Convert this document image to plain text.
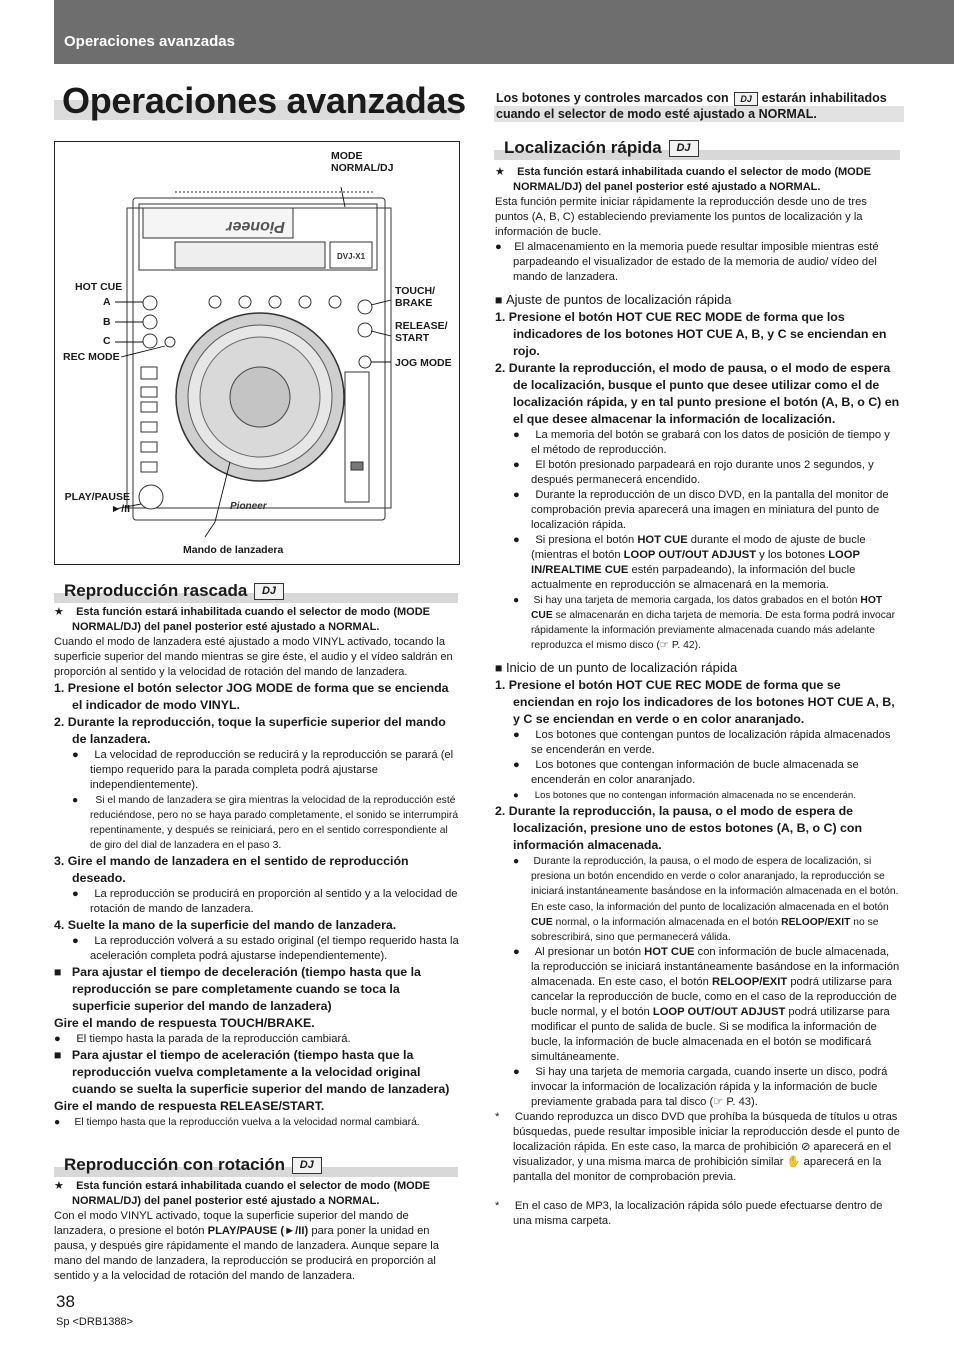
Operaciones avanzadas
Operaciones avanzadas Los botones y controles marcados con DJ estarán inhabilitados cuando el selector de modo esté ajustado a NORMAL.
Pioneer
DVJ-X1
Pioneer
MODE
NORMAL/DJ
HOT CUE
A
B
C
REC MODE
TOUCH/
BRAKE
RELEASE/
START
JOG MODE
PLAY/PAUSE
►/II
Mando de lanzadera
Reproducción rascada DJ

★    Esta función estará inhabilitada cuando el selector de modo (MODE NORMAL/DJ) del panel posterior esté ajustado a NORMAL.

Cuando el modo de lanzadera esté ajustado a modo VINYL activado, tocando la superficie superior del mando mientras se gire éste, el audio y el vídeo saldrán en proporción al sentido y la velocidad de rotación del mando de lanzadera.

1. Presione el botón selector JOG MODE de forma que se encienda el indicador de modo VINYL.

2. Durante la reproducción, toque la superficie superior del mando de lanzadera.

●     La velocidad de reproducción se reducirá y la reproducción se parará (el tiempo requerido para la parada completa podrá ajustarse independientemente).

●      Si el mando de lanzadera se gira mientras la velocidad de la reproducción esté reduciéndose, pero no se haya parado completamente, el sonido se interrumpirá repentinamente, y después se reiniciará, pero en el sentido correspondiente al de giro del dial de lanzadera en el paso 3.

3. Gire el mando de lanzadera en el sentido de reproducción deseado.

●     La reproducción se producirá en proporción al sentido y a la velocidad de rotación de mando de lanzadera.

4. Suelte la mano de la superficie del mando de lanzadera.

●     La reproducción volverá a su estado original (el tiempo requerido hasta la aceleración completa podrá ajustarse independientemente).

■   Para ajustar el tiempo de deceleración (tiempo hasta que la reproducción se pare completamente cuando se toca la superficie superior del mando de lanzadera)

Gire el mando de respuesta TOUCH/BRAKE.

●     El tiempo hasta la parada de la reproducción cambiará.

■   Para ajustar el tiempo de aceleración (tiempo hasta que la reproducción vuelva completamente a la velocidad original cuando se suelta la superficie superior del mando de lanzadera)

Gire el mando de respuesta RELEASE/START.

●     El tiempo hasta que la reproducción vuelva a la velocidad normal cambiará.

Reproducción con rotación DJ

★    Esta función estará inhabilitada cuando el selector de modo (MODE NORMAL/DJ) del panel posterior esté ajustado a NORMAL.

Con el modo VINYL activado, toque la superficie superior del mando de lanzadera, o presione el botón PLAY/PAUSE (►/II) para poner la unidad en pausa, y después gire rápidamente el mando de lanzadera. Aunque separe la mano del mando de lanzadera, la reproducción se producirá en proporción al sentido y a la velocidad de rotación del mando de lanzadera.

Localización rápida DJ

★    Esta función estará inhabilitada cuando el selector de modo (MODE NORMAL/DJ) del panel posterior esté ajustado a NORMAL.

Esta función permite iniciar rápidamente la reproducción desde uno de tres puntos (A, B, C) estableciendo previamente los puntos de localización y la información de bucle.

●    El almacenamiento en la memoria puede resultar imposible mientras esté parpadeando el visualizador de estado de la memoria de audio/ vídeo del mando de lanzadera.

■ Ajuste de puntos de localización rápida

1. Presione el botón HOT CUE REC MODE de forma que los indicadores de los botones HOT CUE A, B, y C se enciendan en rojo.

2. Durante la reproducción, el modo de pausa, o el modo de espera de localización, busque el punto que desee utilizar como el de localización rápida, y en tal punto presione el botón (A, B, o C) en el que desee almacenar la información de localización.

●     La memoria del botón se grabará con los datos de posición de tiempo y el método de reproducción.

●     El botón presionado parpadeará en rojo durante unos 2 segundos, y después permanecerá encendido.

●     Durante la reproducción de un disco DVD, en la pantalla del monitor de comprobación previa aparecerá una imagen en miniatura del punto de localización rápida.

●     Si presiona el botón HOT CUE durante el modo de ajuste de bucle (mientras el botón LOOP OUT/OUT ADJUST y los botones LOOP IN/REALTIME CUE estén parpadeando), la información del bucle actualmente en reproducción se almacenará en la memoria.

●     Si hay una tarjeta de memoria cargada, los datos grabados en el botón HOT CUE se almacenarán en dicha tarjeta de memoria. De esta forma podrá invocar rápidamente la información previamente almacenada cuando más adelante reproduzca el mismo disco (☞ P. 42).

■ Inicio de un punto de localización rápida

1. Presione el botón HOT CUE REC MODE de forma que se enciendan en rojo los indicadores de los botones HOT CUE A, B, y C se enciendan en verde o en color anaranjado.

●     Los botones que contengan puntos de localización rápida almacenados se encenderán en verde.

●     Los botones que contengan información de bucle almacenada se encenderán en color anaranjado.

●      Los botones que no contengan información almacenada no se encenderán.

2. Durante la reproducción, la pausa, o el modo de espera de localización, presione uno de estos botones (A, B, o C) con información almacenada.

●     Durante la reproducción, la pausa, o el modo de espera de localización, si presiona un botón encendido en verde o color anaranjado, la reproducción se iniciará instantáneamente basándose en la información almacenada en el botón. En este caso, la información del punto de localización almacenada en el botón CUE normal, o la información almacenada en el botón RELOOP/EXIT no se sobrescribirá, sino que permanecerá válida.

●     Al presionar un botón HOT CUE con información de bucle almacenada, la reproducción se iniciará instantáneamente basándose en la información almacenada. En este caso, el botón RELOOP/EXIT podrá utilizarse para cancelar la reproducción de bucle, como en el caso de la reproducción de bucle normal, y el botón LOOP OUT/OUT ADJUST podrá utilizarse para modificar el punto de salida de bucle. Si se modifica la información de bucle, la información de bucle almacenada en el botón se modificará simultáneamente.

●     Si hay una tarjeta de memoria cargada, cuando inserte un disco, podrá invocar la información de localización rápida y la información de bucle previamente grabada para tal disco (☞ P. 43).

*     Cuando reproduzca un disco DVD que prohíba la búsqueda de títulos u otras búsquedas, puede resultar imposible iniciar la reproducción desde el punto de localización rápida. En este caso, la marca de prohibición ⊘ aparecerá en el visualizador, y una misma marca de prohibición similar ✋ aparecerá en la pantalla del monitor de comprobación previa.

*     En el caso de MP3, la localización rápida sólo puede efectuarse dentro de una misma carpeta.

38
Sp <DRB1388>
